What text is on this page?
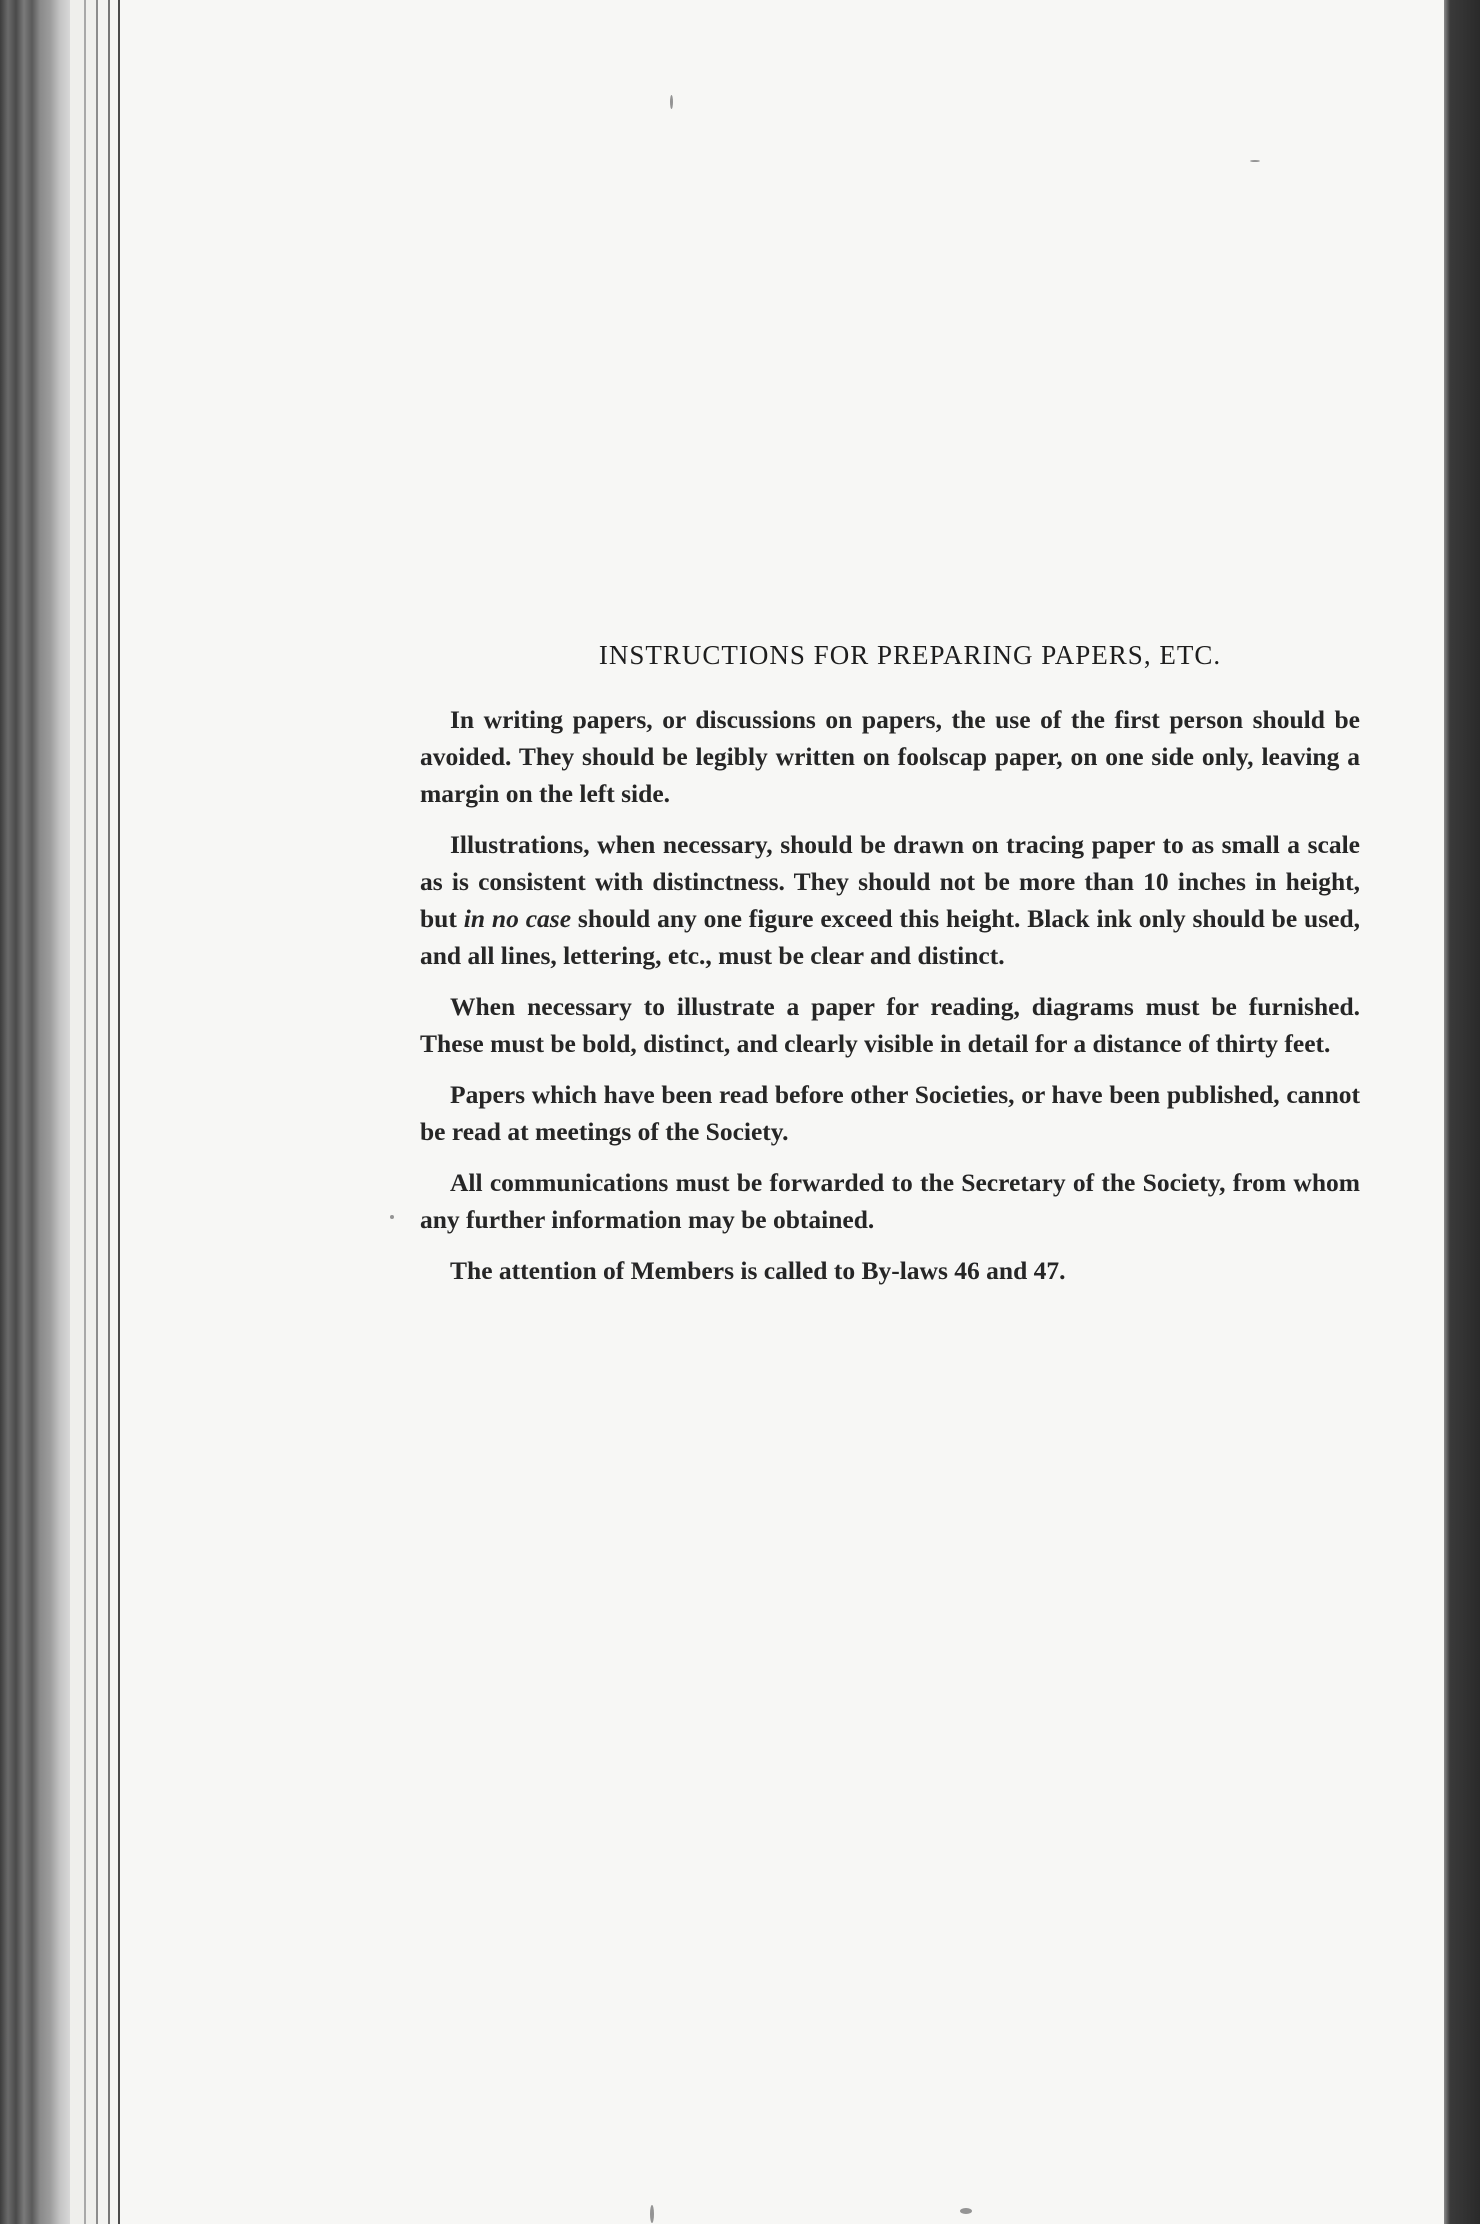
INSTRUCTIONS FOR PREPARING PAPERS, ETC.

In writing papers, or discussions on papers, the use of the first person should be avoided. They should be legibly written on foolscap paper, on one side only, leaving a margin on the left side.

Illustrations, when necessary, should be drawn on tracing paper to as small a scale as is consistent with distinctness. They should not be more than 10 inches in height, but in no case should any one figure exceed this height. Black ink only should be used, and all lines, lettering, etc., must be clear and distinct.

When necessary to illustrate a paper for reading, diagrams must be furnished. These must be bold, distinct, and clearly visible in detail for a distance of thirty feet.

Papers which have been read before other Societies, or have been published, cannot be read at meetings of the Society.

All communications must be forwarded to the Secretary of the Society, from whom any further information may be obtained.

The attention of Members is called to By-laws 46 and 47.
